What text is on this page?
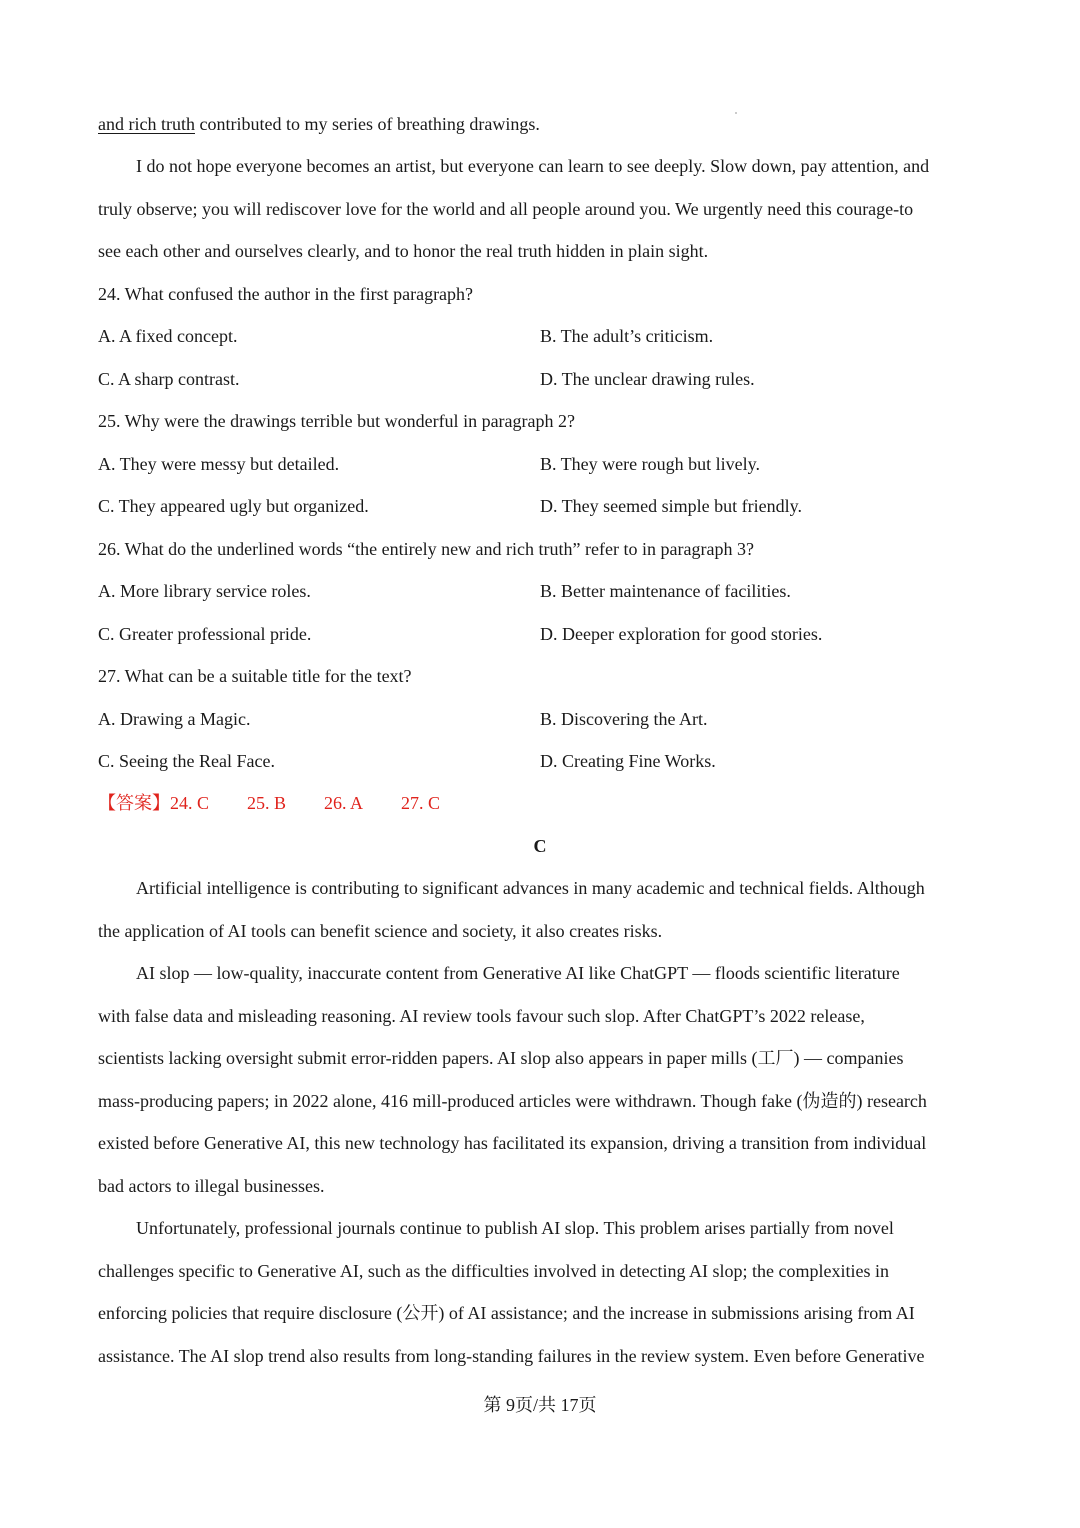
and rich truth contributed to my series of breathing drawings.
I do not hope everyone becomes an artist, but everyone can learn to see deeply. Slow down, pay attention, and
truly observe; you will rediscover love for the world and all people around you. We urgently need this courage-to
see each other and ourselves clearly, and to honor the real truth hidden in plain sight.
24. What confused the author in the first paragraph?
A. A fixed concept.	B. The adult’s criticism.
C. A sharp contrast.	D. The unclear drawing rules.
25. Why were the drawings terrible but wonderful in paragraph 2?
A. They were messy but detailed.	B. They were rough but lively.
C. They appeared ugly but organized.	D. They seemed simple but friendly.
26. What do the underlined words “the entirely new and rich truth” refer to in paragraph 3?
A. More library service roles.	B. Better maintenance of facilities.
C. Greater professional pride.	D. Deeper exploration for good stories.
27. What can be a suitable title for the text?
A. Drawing a Magic.	B. Discovering the Art.
C. Seeing the Real Face.	D. Creating Fine Works.
【答案】24. C 25. B 26. A 27. C
C
Artificial intelligence is contributing to significant advances in many academic and technical fields. Although
the application of AI tools can benefit science and society, it also creates risks.
AI slop — low-quality, inaccurate content from Generative AI like ChatGPT — floods scientific literature
with false data and misleading reasoning. AI review tools favour such slop. After ChatGPT’s 2022 release,
scientists lacking oversight submit error-ridden papers. AI slop also appears in paper mills (工厂) — companies
mass-producing papers; in 2022 alone, 416 mill-produced articles were withdrawn. Though fake (伪造的) research
existed before Generative AI, this new technology has facilitated its expansion, driving a transition from individual
bad actors to illegal businesses.
Unfortunately, professional journals continue to publish AI slop. This problem arises partially from novel
challenges specific to Generative AI, such as the difficulties involved in detecting AI slop; the complexities in
enforcing policies that require disclosure (公开) of AI assistance; and the increase in submissions arising from AI
assistance. The AI slop trend also results from long-standing failures in the review system. Even before Generative
第 9页/共 17页
